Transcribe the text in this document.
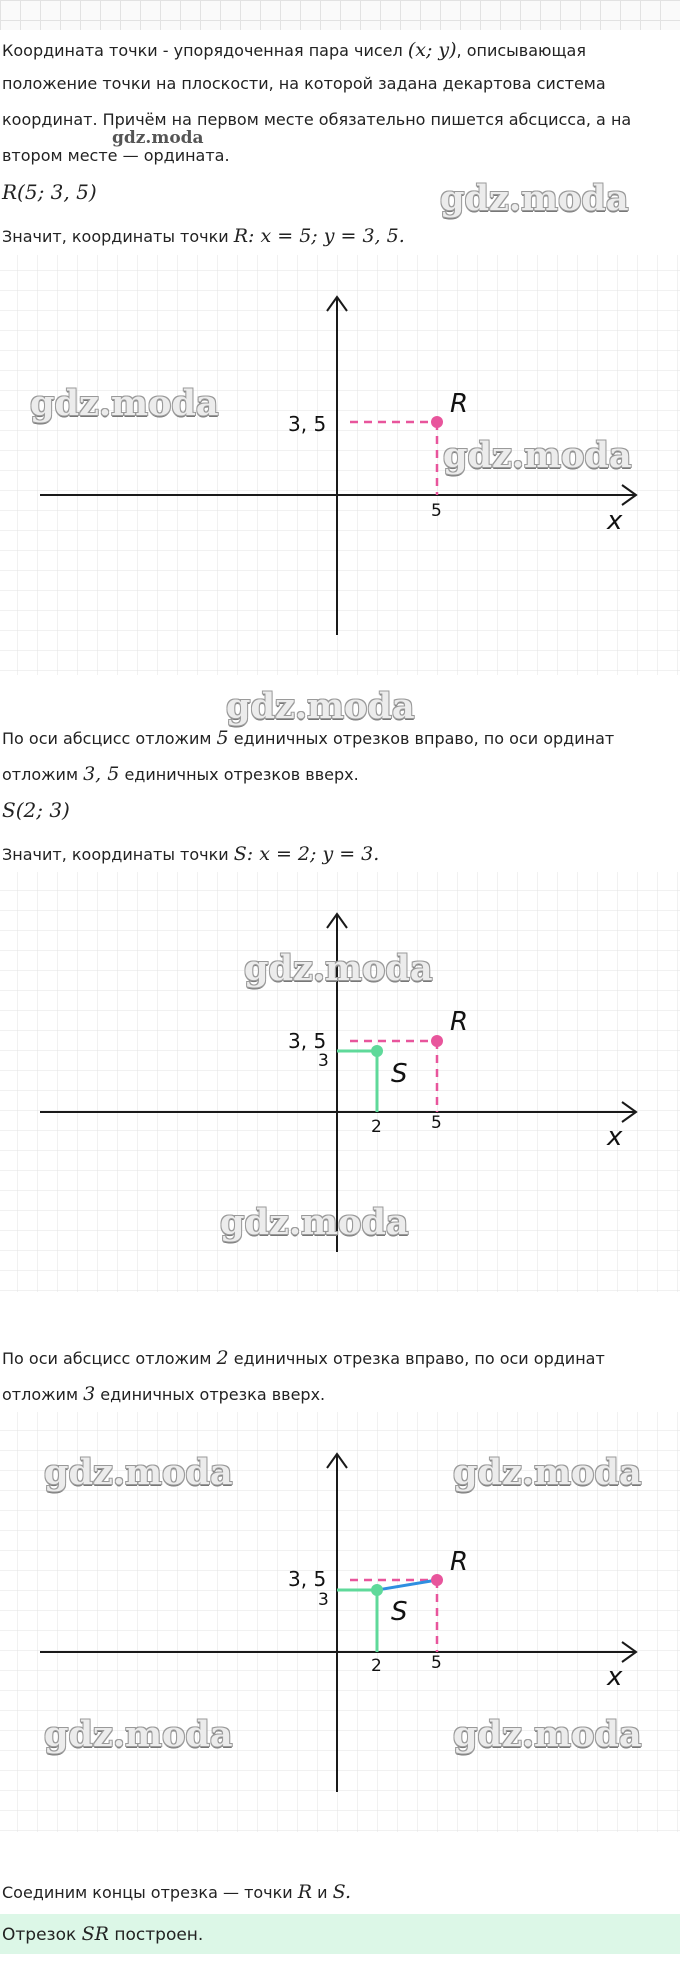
Координата точки - упорядоченная пара чисел (x; y), описывающая
положение точки на плоскости, на которой задана декартова система
координат. Причём на первом месте обязательно пишется абсцисса, а на
втором месте — ордината.
gdz.moda
R(5; 3, 5)	gdz.moda
Значит, координаты точки R: x = 5; y = 3, 5.
R
3, 5
5	x
gdz.moda
gdz.moda
gdz.moda
По оси абсцисс отложим 5 единичных отрезков вправо, по оси ординат
отложим 3, 5 единичных отрезков вверх.
S(2; 3)
Значит, координаты точки S: x = 2; y = 3.
R
S
3, 5
3
2	5	x
gdz.moda
gdz.moda
По оси абсцисс отложим 2 единичных отрезка вправо, по оси ординат
отложим 3 единичных отрезка вверх.
R
S
3, 5
3
2	5	x
gdz.moda	gdz.moda
gdz.moda	gdz.moda
Соединим концы отрезка — точки R и S.
Отрезок SR построен.
